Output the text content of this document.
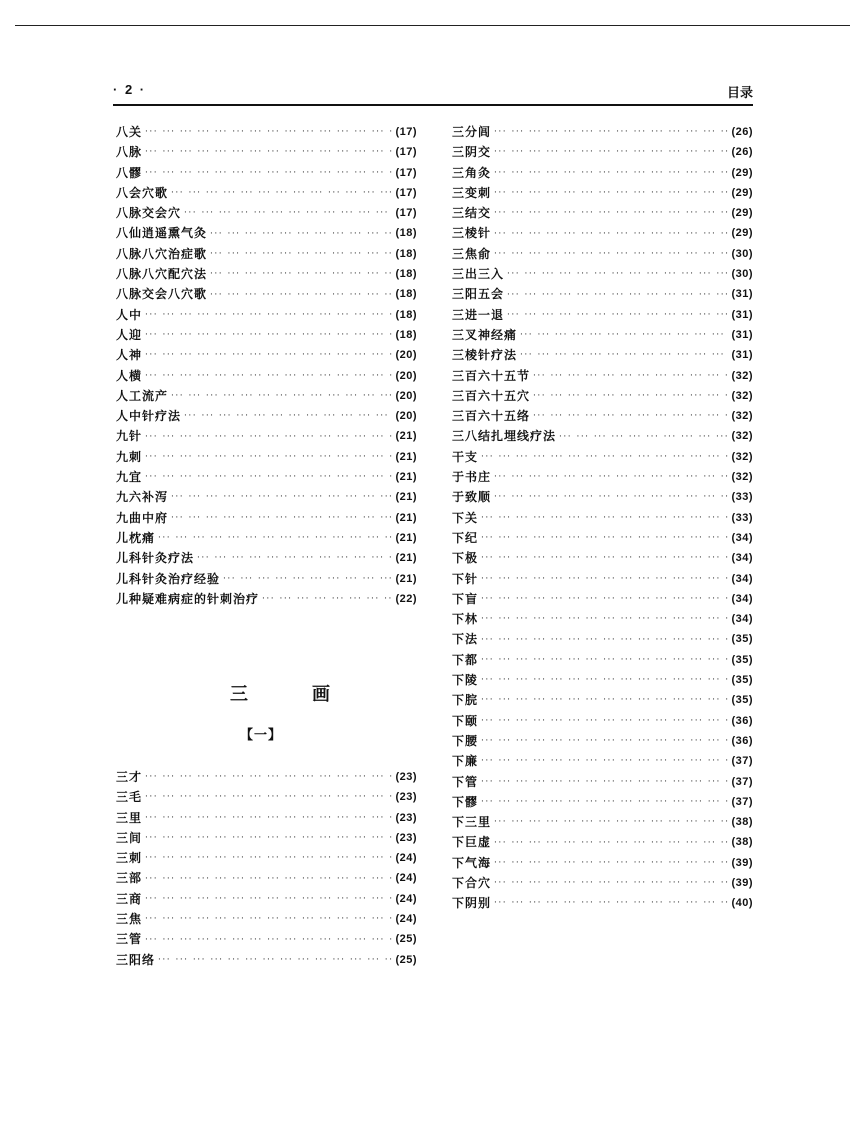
· 2 ·	目录
八关 ··· ·	(17)
八脉 ··· ·	(17)
八髎 ··· ·	(17)
八会穴歌 ··· ·	(17)
八脉交会穴 ··· ·	(17)
八仙逍遥熏气灸 ··· ·	(18)
八脉八穴治症歌 ··· ·	(18)
八脉八穴配穴法 ··· ·	(18)
八脉交会八穴歌 ··· ·	(18)
人中 ··· ·	(18)
人迎 ··· ·	(18)
人神 ··· ·	(20)
人横 ··· ·	(20)
人工流产 ··· ·	(20)
人中针疗法 ··· ·	(20)
九针 ··· ·	(21)
九刺 ··· ·	(21)
九宜 ··· ·	(21)
九六补泻 ··· ·	(21)
九曲中府 ··· ·	(21)
儿枕痛 ··· ·	(21)
儿科针灸疗法 ··· ·	(21)
儿科针灸治疗经验 ··· ·	(21)
儿种疑难病症的针刺治疗 ··· ·	(22)
三	画
【一】
三才 ··· ·	(23)
三毛 ··· ·	(23)
三里 ··· ·	(23)
三间 ··· ·	(23)
三刺 ··· ·	(24)
三部 ··· ·	(24)
三商 ··· ·	(24)
三焦 ··· ·	(24)
三管 ··· ·	(25)
三阳络 ··· ·	(25)
三分闾 ··· ·	(26)
三阴交 ··· ·	(26)
三角灸 ··· ·	(29)
三变刺 ··· ·	(29)
三结交 ··· ·	(29)
三棱针 ··· ·	(29)
三焦俞 ··· ·	(30)
三出三入 ··· ·	(30)
三阳五会 ··· ·	(31)
三进一退 ··· ·	(31)
三叉神经痛 ··· ·	(31)
三棱针疗法 ··· ·	(31)
三百六十五节 ··· ·	(32)
三百六十五穴 ··· ·	(32)
三百六十五络 ··· ·	(32)
三八结扎埋线疗法 ··· ·	(32)
干支 ··· ·	(32)
于书庄 ··· ·	(32)
于致顺 ··· ·	(33)
下关 ··· ·	(33)
下纪 ··· ·	(34)
下极 ··· ·	(34)
下针 ··· ·	(34)
下盲 ··· ·	(34)
下林 ··· ·	(34)
下法 ··· ·	(35)
下都 ··· ·	(35)
下陵 ··· ·	(35)
下脘 ··· ·	(35)
下颐 ··· ·	(36)
下腰 ··· ·	(36)
下廉 ··· ·	(37)
下管 ··· ·	(37)
下髎 ··· ·	(37)
下三里 ··· ·	(38)
下巨虚 ··· ·	(38)
下气海 ··· ·	(39)
下合穴 ··· ·	(39)
下阴别 ··· ·	(40)
